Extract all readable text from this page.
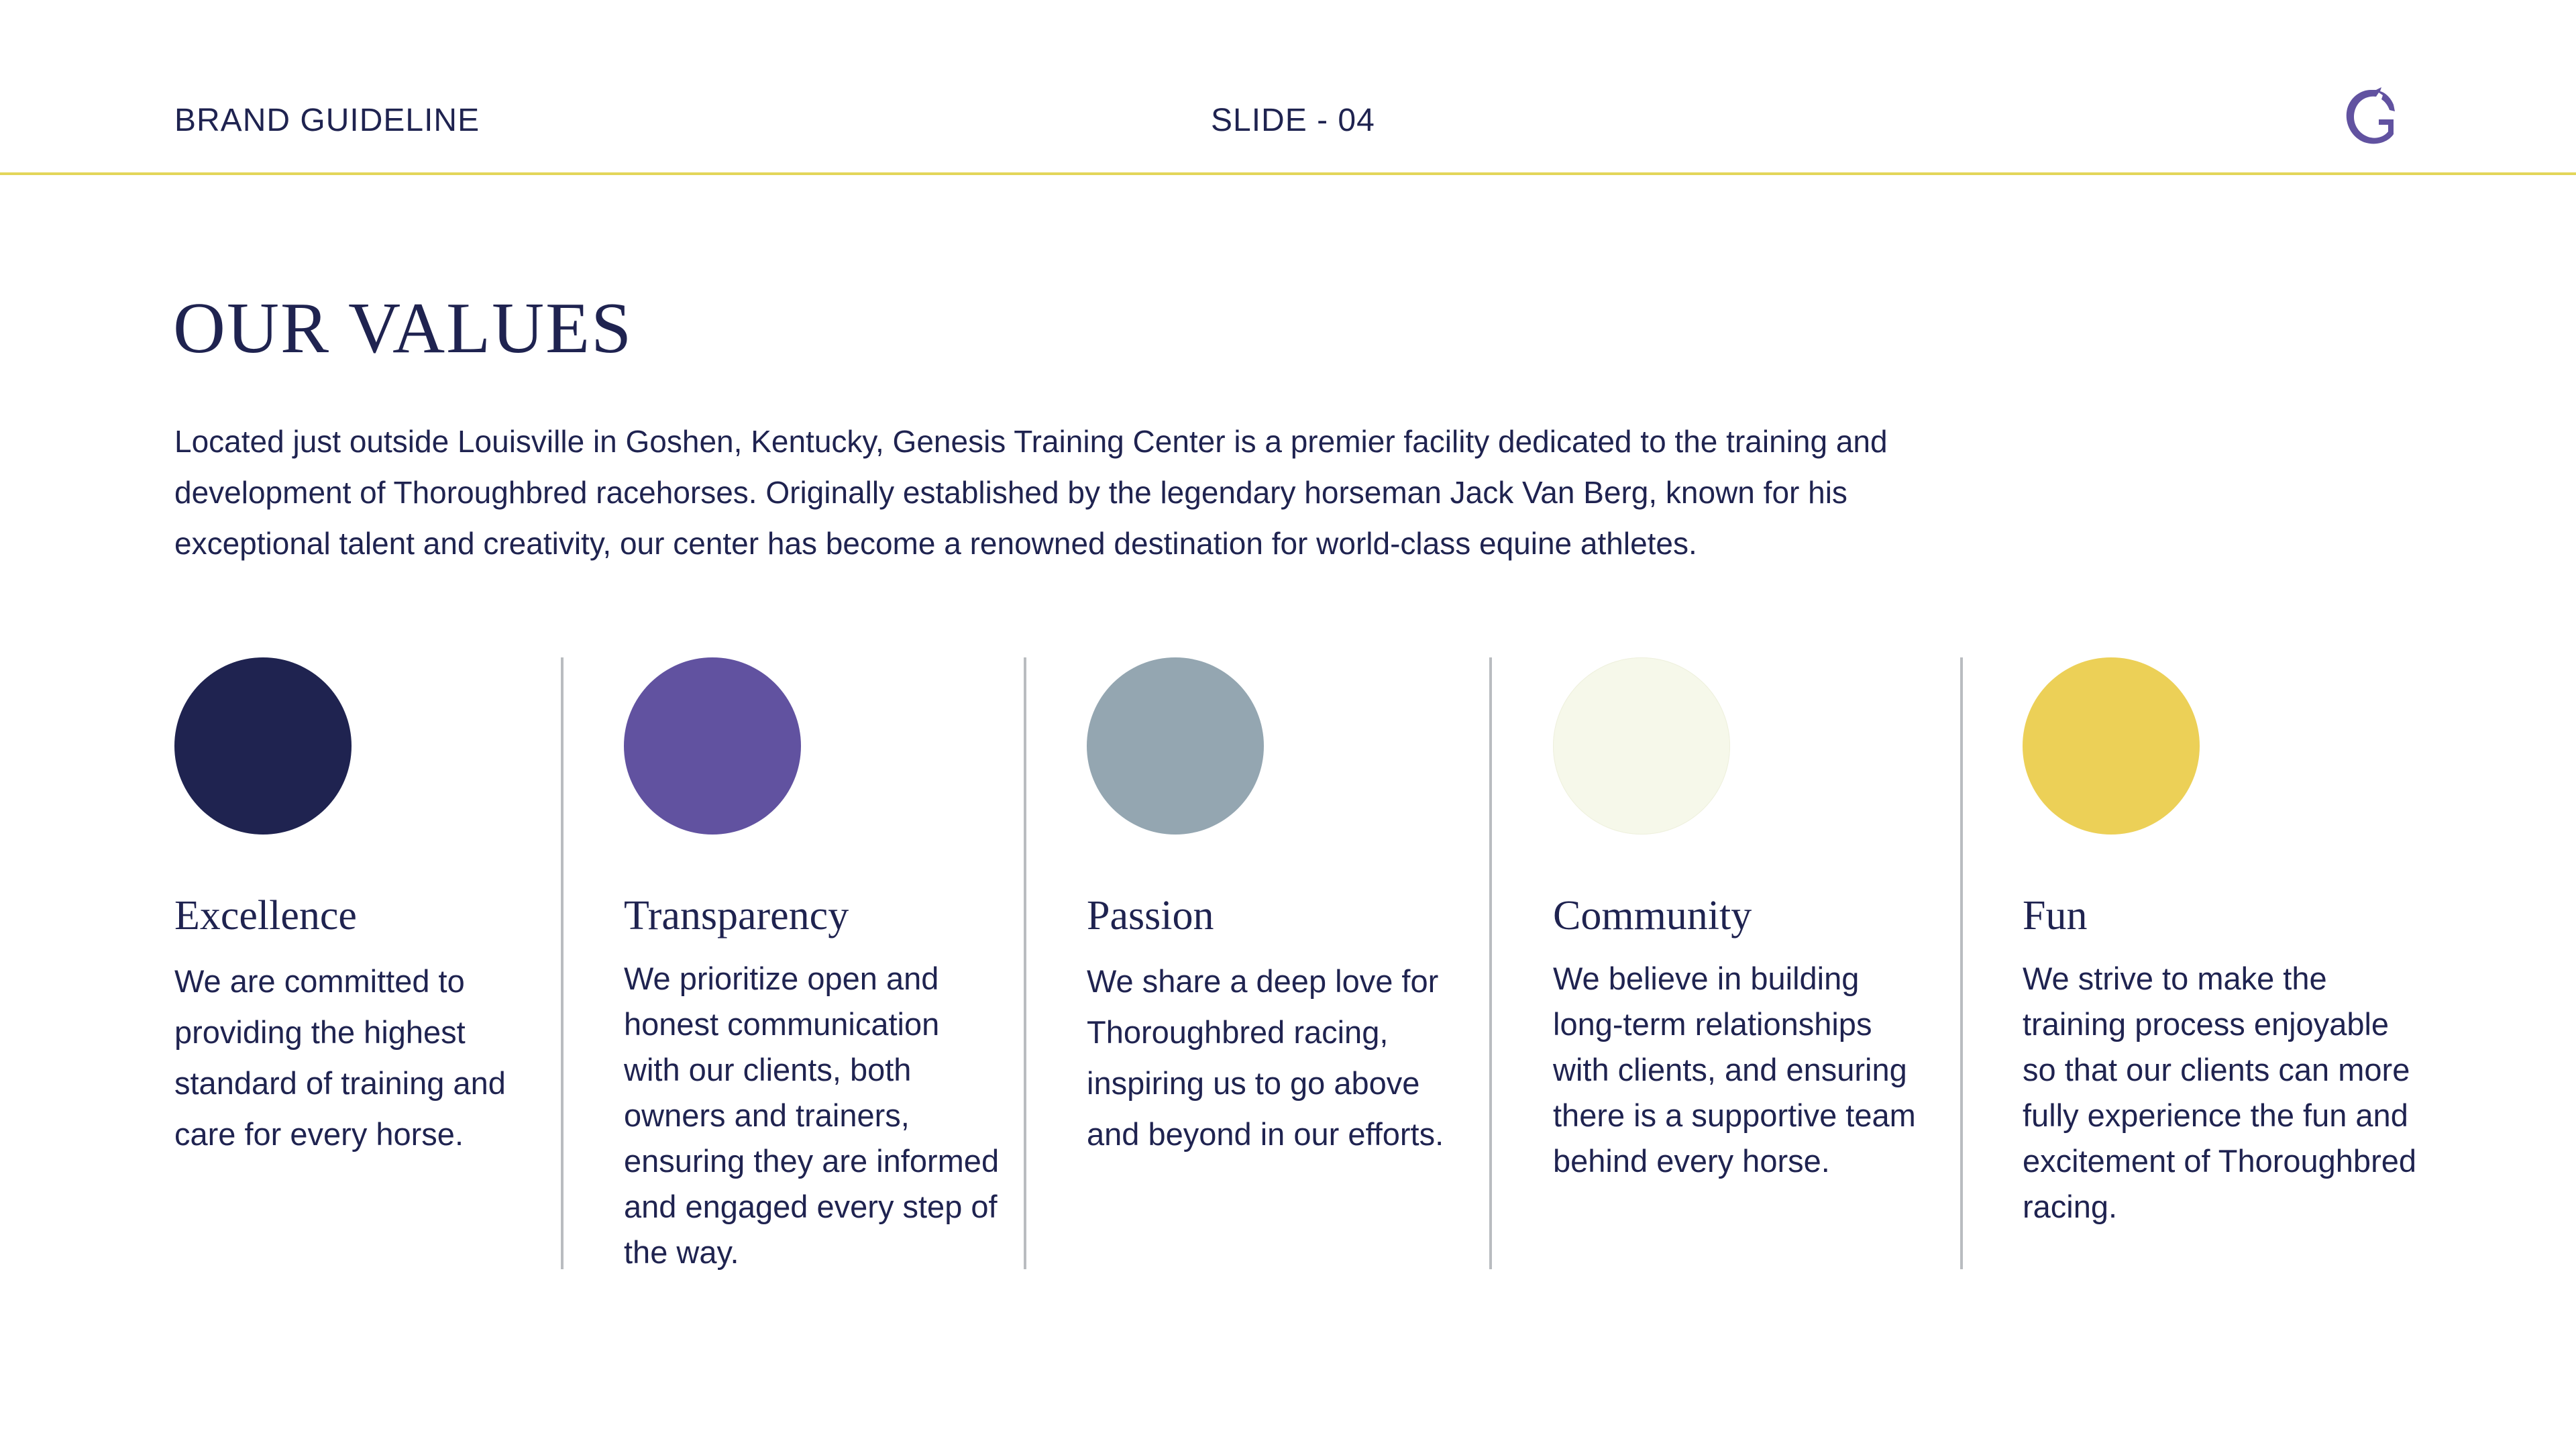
BRAND GUIDELINE	SLIDE - 04
OUR VALUES

Located just outside Louisville in Goshen, Kentucky, Genesis Training Center is a premier facility dedicated to the training and development of Thoroughbred racehorses. Originally established by the legendary horseman Jack Van Berg, known for his exceptional talent and creativity, our center has become a renowned destination for world-class equine athletes.

Excellence

We are committed to providing the highest standard of training and care for every horse.

Transparency

We prioritize open and honest communication with our clients, both owners and trainers, ensuring they are informed and engaged every step of the way.

Passion

We share a deep love for Thoroughbred racing, inspiring us to go above and beyond in our efforts.

Community

We believe in building long-term relationships with clients, and ensuring there is a supportive team behind every horse.

Fun

We strive to make the training process enjoyable so that our clients can more fully experience the fun and excitement of Thoroughbred racing.
